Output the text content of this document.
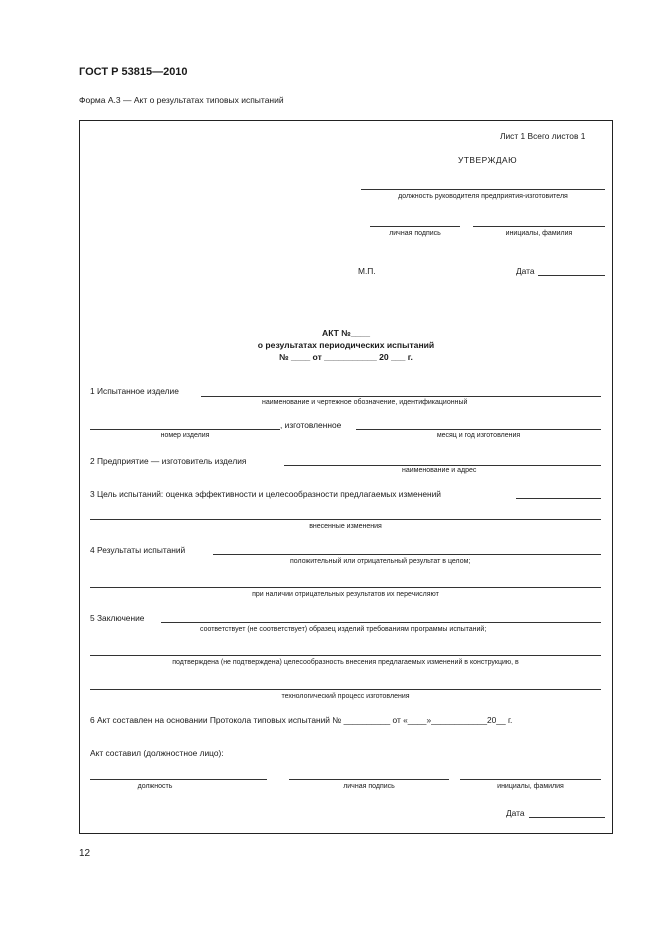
ГОСТ Р 53815—2010
Форма А.3 — Акт о результатах типовых испытаний
Лист 1 Всего листов 1
УТВЕРЖДАЮ
должность руководителя предприятия-изготовителя
личная подпись	инициалы, фамилия
М.П.	Дата
АКТ №____
о результатах периодических испытаний
№ ____ от ___________ 20 ___ г.
1 Испытанное изделие
наименование и чертежное обозначение, идентификационный
, изготовленное
номер изделия	месяц и год изготовления
2 Предприятие — изготовитель изделия
наименование и адрес
3 Цель испытаний: оценка эффективности и целесообразности предлагаемых изменений
внесенные изменения
4 Результаты испытаний
положительный или отрицательный результат в целом;
при наличии отрицательных результатов их перечисляют
5 Заключение
соответствует (не соответствует) образец изделий требованиям программы испытаний;
подтверждена (не подтверждена) целесообразность внесения предлагаемых изменений в конструкцию, в
технологический процесс изготовления
6 Акт составлен на основании Протокола типовых испытаний № __________ от «____»____________20__ г.
Акт составил (должностное лицо):
должность	личная подпись	инициалы, фамилия
Дата
12
